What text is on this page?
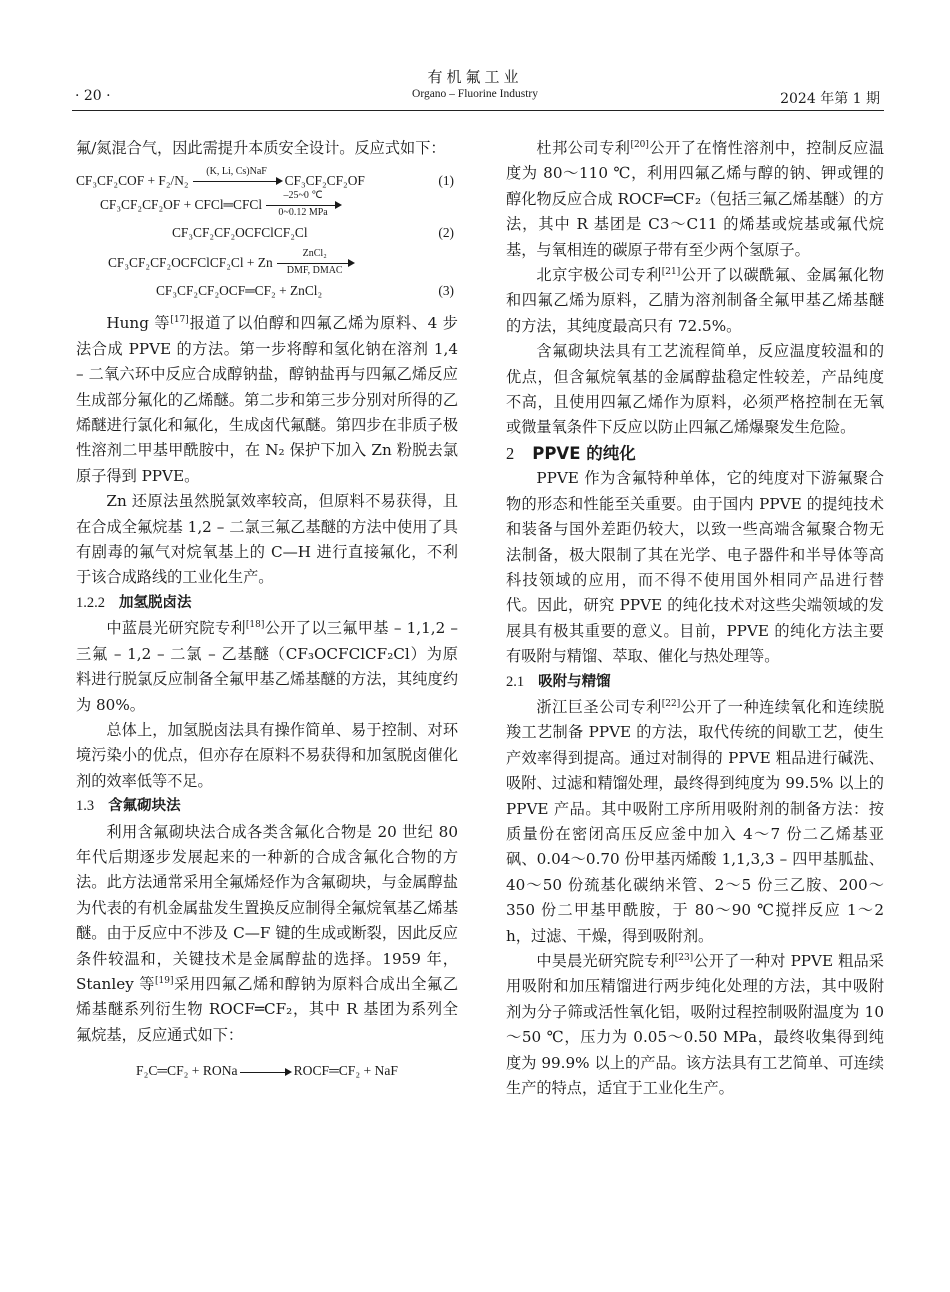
有机氟工业
Organo – Fluorine Industry
· 20 ·	2024 年第 1 期

氟/氮混合气，因此需提升本质安全设计。反应式如下：

CF₃CF₂COF + F₂/N₂
(K, Li, Cs)NaF
CF₃CF₂CF₂OF	(1)
CF₃CF₂CF₂OF + CFCl═CFCl
–25~0 ℃
0~0.12 MPa
CF₃CF₂CF₂OCFClCF₂Cl	(2)
CF₃CF₂CF₂OCFClCF₂Cl + Zn
ZnCl₂
DMF, DMAC
CF₃CF₂CF₂OCF═CF₂ + ZnCl₂	(3)

Hung 等[17]报道了以伯醇和四氟乙烯为原料、4 步法合成 PPVE 的方法。第一步将醇和氢化钠在溶剂 1,4 – 二氧六环中反应合成醇钠盐，醇钠盐再与四氟乙烯反应生成部分氟化的乙烯醚。第二步和第三步分别对所得的乙烯醚进行氯化和氟化，生成卤代氟醚。第四步在非质子极性溶剂二甲基甲酰胺中，在 N₂ 保护下加入 Zn 粉脱去氯原子得到 PPVE。

Zn 还原法虽然脱氯效率较高，但原料不易获得，且在合成全氟烷基 1,2 – 二氯三氟乙基醚的方法中使用了具有剧毒的氟气对烷氧基上的 C—H 进行直接氟化，不利于该合成路线的工业化生产。

1.2.2 加氢脱卤法

中蓝晨光研究院专利[18]公开了以三氟甲基 – 1,1,2 – 三氟 – 1,2 – 二氯 – 乙基醚（CF₃OCFClCF₂Cl）为原料进行脱氯反应制备全氟甲基乙烯基醚的方法，其纯度约为 80%。

总体上，加氢脱卤法具有操作简单、易于控制、对环境污染小的优点，但亦存在原料不易获得和加氢脱卤催化剂的效率低等不足。

1.3 含氟砌块法

利用含氟砌块法合成各类含氟化合物是 20 世纪 80 年代后期逐步发展起来的一种新的合成含氟化合物的方法。此方法通常采用全氟烯烃作为含氟砌块，与金属醇盐为代表的有机金属盐发生置换反应制得全氟烷氧基乙烯基醚。由于反应中不涉及 C—F 键的生成或断裂，因此反应条件较温和，关键技术是金属醇盐的选择。1959 年，Stanley 等[19]采用四氟乙烯和醇钠为原料合成出全氟乙烯基醚系列衍生物 ROCF═CF₂，其中 R 基团为系列全氟烷基，反应通式如下：

F₂C═CF₂ + RONa	ROCF═CF₂ + NaF

杜邦公司专利[20]公开了在惰性溶剂中，控制反应温度为 80～110 ℃，利用四氟乙烯与醇的钠、钾或锂的醇化物反应合成 ROCF═CF₂（包括三氟乙烯基醚）的方法，其中 R 基团是 C3～C11 的烯基或烷基或氟代烷基，与氧相连的碳原子带有至少两个氢原子。

北京宇极公司专利[21]公开了以碳酰氟、金属氟化物和四氟乙烯为原料，乙腈为溶剂制备全氟甲基乙烯基醚的方法，其纯度最高只有 72.5%。

含氟砌块法具有工艺流程简单，反应温度较温和的优点，但含氟烷氧基的金属醇盐稳定性较差，产品纯度不高，且使用四氟乙烯作为原料，必须严格控制在无氧或微量氧条件下反应以防止四氟乙烯爆聚发生危险。

2 PPVE 的纯化

PPVE 作为含氟特种单体，它的纯度对下游氟聚合物的形态和性能至关重要。由于国内 PPVE 的提纯技术和装备与国外差距仍较大，以致一些高端含氟聚合物无法制备，极大限制了其在光学、电子器件和半导体等高科技领域的应用，而不得不使用国外相同产品进行替代。因此，研究 PPVE 的纯化技术对这些尖端领域的发展具有极其重要的意义。目前，PPVE 的纯化方法主要有吸附与精馏、萃取、催化与热处理等。

2.1 吸附与精馏

浙江巨圣公司专利[22]公开了一种连续氧化和连续脱羧工艺制备 PPVE 的方法，取代传统的间歇工艺，使生产效率得到提高。通过对制得的 PPVE 粗品进行碱洗、吸附、过滤和精馏处理，最终得到纯度为 99.5% 以上的 PPVE 产品。其中吸附工序所用吸附剂的制备方法：按质量份在密闭高压反应釜中加入 4～7 份二乙烯基亚砜、0.04～0.70 份甲基丙烯酸 1,1,3,3 – 四甲基胍盐、40～50 份巯基化碳纳米管、2～5 份三乙胺、200～350 份二甲基甲酰胺，于 80～90 ℃搅拌反应 1～2 h，过滤、干燥，得到吸附剂。

中昊晨光研究院专利[23]公开了一种对 PPVE 粗品采用吸附和加压精馏进行两步纯化处理的方法，其中吸附剂为分子筛或活性氧化铝，吸附过程控制吸附温度为 10～50 ℃，压力为 0.05～0.50 MPa，最终收集得到纯度为 99.9% 以上的产品。该方法具有工艺简单、可连续生产的特点，适宜于工业化生产。
